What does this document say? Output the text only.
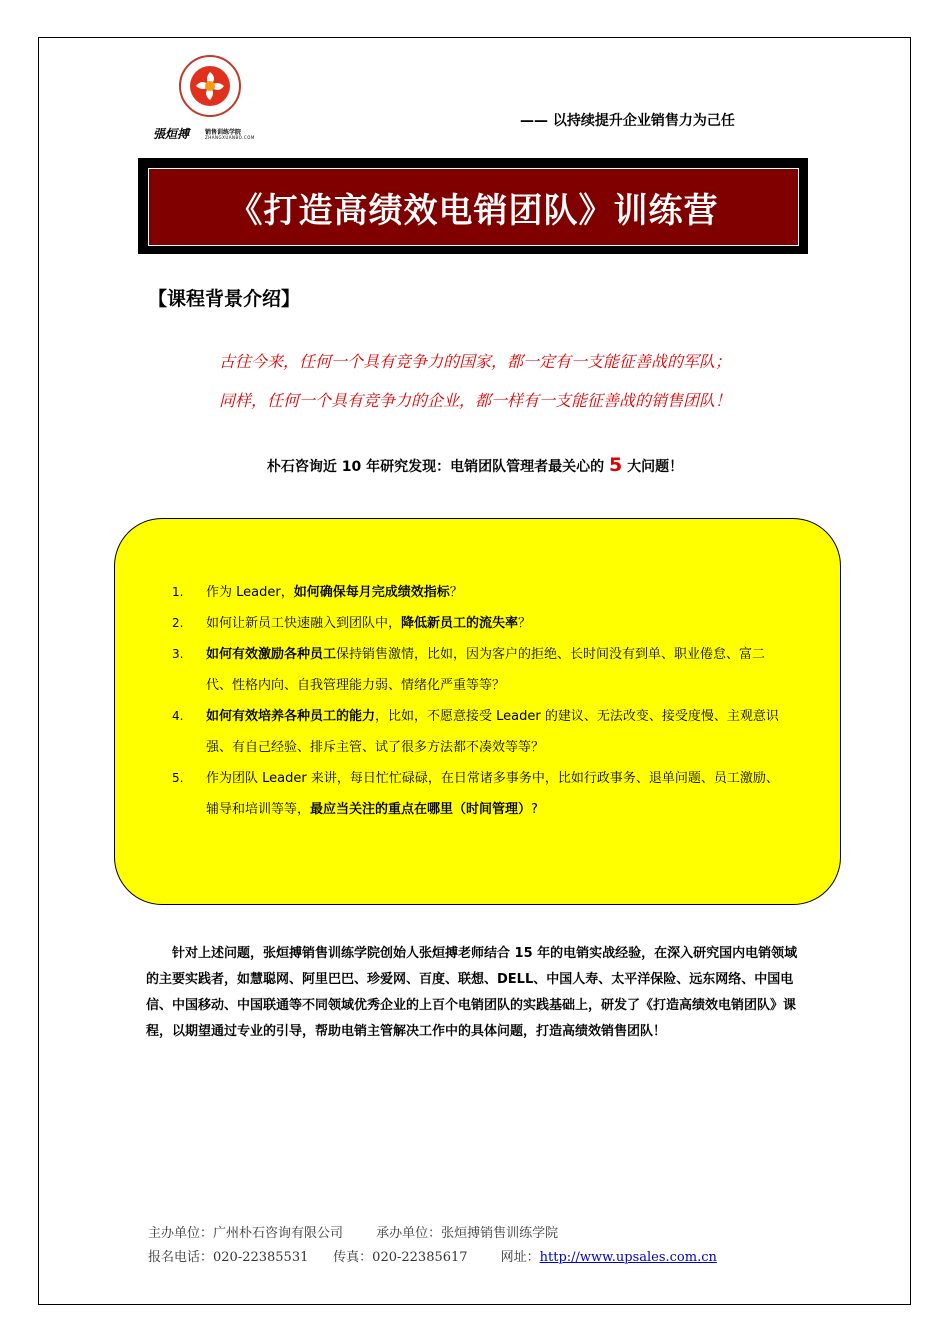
張烜搏	销售训练学院
ZHANGXUANBO.COM
—— 以持续提升企业销售力为己任
《打造高绩效电销团队》训练营
【课程背景介绍】
古往今来，任何一个具有竞争力的国家，都一定有一支能征善战的军队；
同样，任何一个具有竞争力的企业，都一样有一支能征善战的销售团队！
朴石咨询近 10 年研究发现：电销团队管理者最关心的 5 大问题！
1. 作为 Leader，如何确保每月完成绩效指标？
2. 如何让新员工快速融入到团队中，降低新员工的流失率？
3. 如何有效激励各种员工保持销售激情，比如，因为客户的拒绝、长时间没有到单、职业倦怠、富二代、性格内向、自我管理能力弱、情绪化严重等等？
4. 如何有效培养各种员工的能力，比如，不愿意接受 Leader 的建议、无法改变、接受度慢、主观意识强、有自己经验、排斥主管、试了很多方法都不凑效等等？
5. 作为团队 Leader 来讲，每日忙忙碌碌，在日常诸多事务中，比如行政事务、退单问题、员工激励、辅导和培训等等，最应当关注的重点在哪里（时间管理）?
针对上述问题，张烜搏销售训练学院创始人张烜搏老师结合 15 年的电销实战经验，在深入研究国内电销领域的主要实践者，如慧聪网、阿里巴巴、珍爱网、百度、联想、DELL、中国人寿、太平洋保险、远东网络、中国电信、中国移动、中国联通等不同领域优秀企业的上百个电销团队的实践基础上，研发了《打造高绩效电销团队》课程，以期望通过专业的引导，帮助电销主管解决工作中的具体问题，打造高绩效销售团队！
主办单位：广州朴石咨询有限公司	承办单位：张烜搏销售训练学院
报名电话：020-22385531 传真：020-22385617	网址：http://www.upsales.com.cn
